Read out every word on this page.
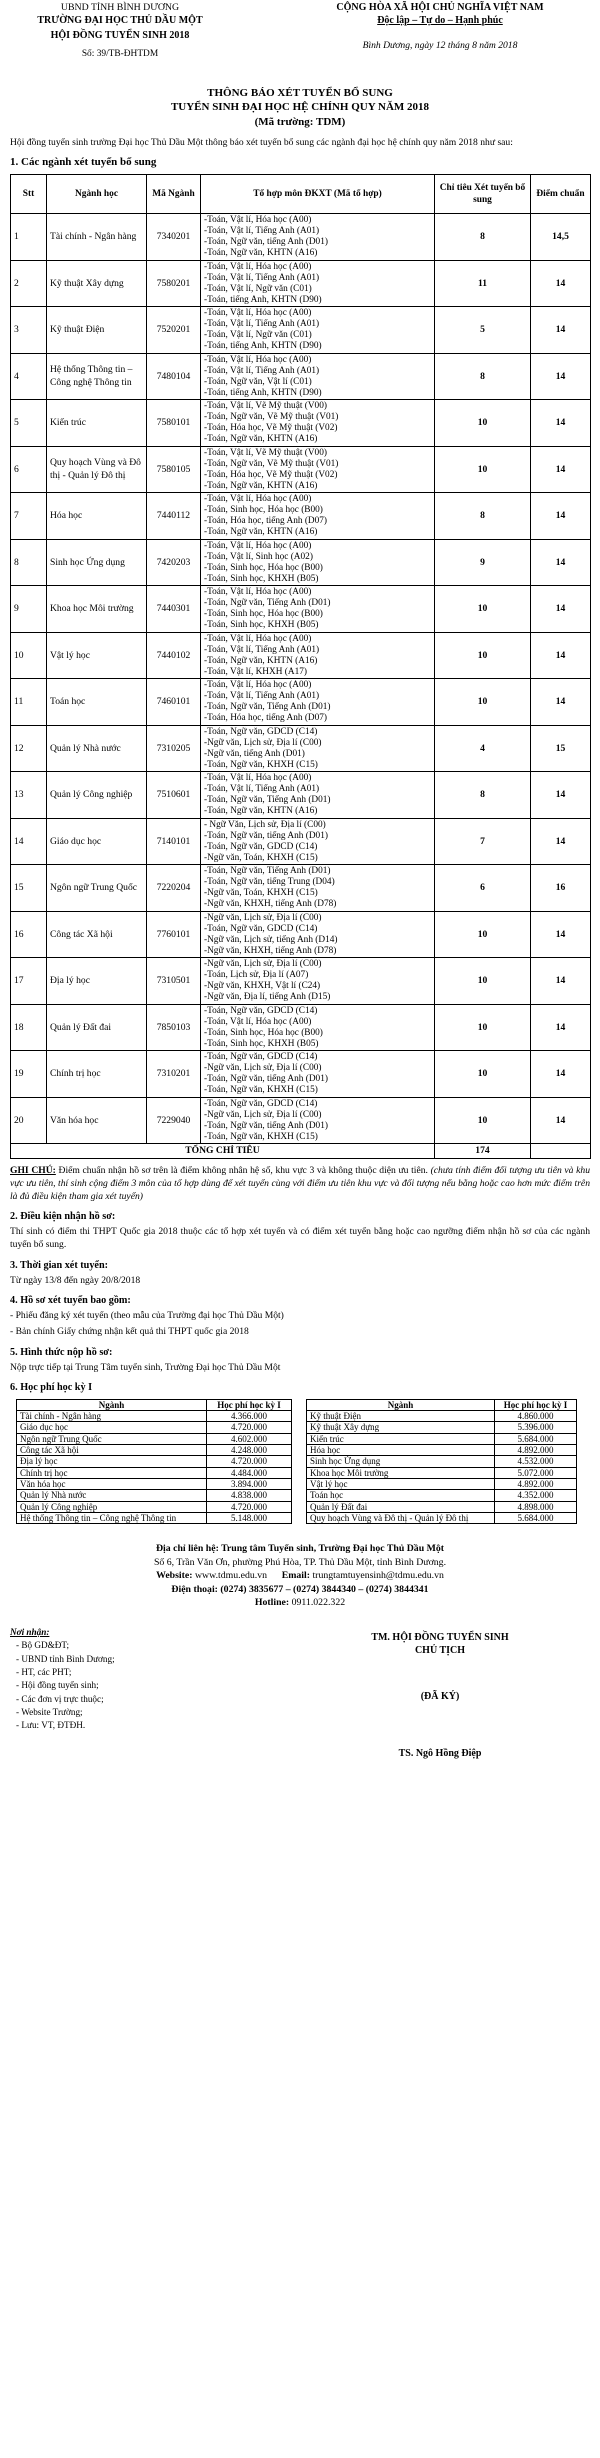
UBND TỈNH BÌNH DƯƠNG
TRƯỜNG ĐẠI HỌC THỦ DẦU MỘT
HỘI ĐỒNG TUYỂN SINH 2018
Số: 39/TB-ĐHTDM
CỘNG HÒA XÃ HỘI CHỦ NGHĨA VIỆT NAM
Độc lập – Tự do – Hạnh phúc
Bình Dương, ngày 12 tháng 8 năm 2018
THÔNG BÁO XÉT TUYỂN BỔ SUNG
TUYỂN SINH ĐẠI HỌC HỆ CHÍNH QUY NĂM 2018
(Mã trường: TDM)
Hội đồng tuyển sinh trường Đại học Thủ Dầu Một thông báo xét tuyển bổ sung các ngành đại học hệ chính quy năm 2018 như sau:
1. Các ngành xét tuyển bổ sung
Stt	Ngành học	Mã Ngành	Tổ hợp môn ĐKXT (Mã tổ hợp)	Chỉ tiêu Xét tuyển bổ sung	Điểm chuẩn
1	Tài chính - Ngân hàng	7340201	-Toán, Vật lí, Hóa học (A00)
-Toán, Vật lí, Tiếng Anh (A01)
-Toán, Ngữ văn, tiếng Anh (D01)
-Toán, Ngữ văn, KHTN (A16)	8	14,5
2	Kỹ thuật Xây dựng	7580201	-Toán, Vật lí, Hóa học (A00)
-Toán, Vật lí, Tiếng Anh (A01)
-Toán, Vật lí, Ngữ văn (C01)
-Toán, tiếng Anh, KHTN (D90)	11	14
3	Kỹ thuật Điện	7520201	-Toán, Vật lí, Hóa học (A00)
-Toán, Vật lí, Tiếng Anh (A01)
-Toán, Vật lí, Ngữ văn (C01)
-Toán, tiếng Anh, KHTN (D90)	5	14
4	Hệ thống Thông tin – Công nghệ Thông tin	7480104	-Toán, Vật lí, Hóa học (A00)
-Toán, Vật lí, Tiếng Anh (A01)
-Toán, Ngữ văn, Vật lí (C01)
-Toán, tiếng Anh, KHTN (D90)	8	14
5	Kiến trúc	7580101	-Toán, Vật lí, Vẽ Mỹ thuật (V00)
-Toán, Ngữ văn, Vẽ Mỹ thuật (V01)
-Toán, Hóa học, Vẽ Mỹ thuật (V02)
-Toán, Ngữ văn, KHTN (A16)	10	14
6	Quy hoạch Vùng và Đô thị - Quản lý Đô thị	7580105	-Toán, Vật lí, Vẽ Mỹ thuật (V00)
-Toán, Ngữ văn, Vẽ Mỹ thuật (V01)
-Toán, Hóa học, Vẽ Mỹ thuật (V02)
-Toán, Ngữ văn, KHTN (A16)	10	14
7	Hóa học	7440112	-Toán, Vật lí, Hóa học (A00)
-Toán, Sinh học, Hóa học (B00)
-Toán, Hóa học, tiếng Anh (D07)
-Toán, Ngữ văn, KHTN (A16)	8	14
8	Sinh học Ứng dụng	7420203	-Toán, Vật lí, Hóa học (A00)
-Toán, Vật lí, Sinh học (A02)
-Toán, Sinh học, Hóa học (B00)
-Toán, Sinh học, KHXH (B05)	9	14
9	Khoa học Môi trường	7440301	-Toán, Vật lí, Hóa học (A00)
-Toán, Ngữ văn, Tiếng Anh (D01)
-Toán, Sinh học, Hóa học (B00)
-Toán, Sinh học, KHXH (B05)	10	14
10	Vật lý học	7440102	-Toán, Vật lí, Hóa học (A00)
-Toán, Vật lí, Tiếng Anh (A01)
-Toán, Ngữ văn, KHTN (A16)
-Toán, Vật lí, KHXH (A17)	10	14
11	Toán học	7460101	-Toán, Vật lí, Hóa học (A00)
-Toán, Vật lí, Tiếng Anh (A01)
-Toán, Ngữ văn, Tiếng Anh (D01)
-Toán, Hóa học, tiếng Anh (D07)	10	14
12	Quản lý Nhà nước	7310205	-Toán, Ngữ văn, GDCD (C14)
-Ngữ văn, Lịch sử, Địa lí (C00)
-Ngữ văn, tiếng Anh (D01)
-Toán, Ngữ văn, KHXH (C15)	4	15
13	Quản lý Công nghiệp	7510601	-Toán, Vật lí, Hóa học (A00)
-Toán, Vật lí, Tiếng Anh (A01)
-Toán, Ngữ văn, Tiếng Anh (D01)
-Toán, Ngữ văn, KHTN (A16)	8	14
14	Giáo dục học	7140101	- Ngữ Văn, Lịch sử, Địa lí (C00)
-Toán, Ngữ văn, tiếng Anh (D01)
-Toán, Ngữ văn, GDCD (C14)
-Ngữ văn, Toán, KHXH (C15)	7	14
15	Ngôn ngữ Trung Quốc	7220204	-Toán, Ngữ văn, Tiếng Anh (D01)
-Toán, Ngữ văn, tiếng Trung (D04)
-Ngữ văn, Toán, KHXH (C15)
-Ngữ văn, KHXH, tiếng Anh (D78)	6	16
16	Công tác Xã hội	7760101	-Ngữ văn, Lịch sử, Địa lí (C00)
-Toán, Ngữ văn, GDCD (C14)
-Ngữ văn, Lịch sử, tiếng Anh (D14)
-Ngữ văn, KHXH, tiếng Anh (D78)	10	14
17	Địa lý học	7310501	-Ngữ văn, Lịch sử, Địa lí (C00)
-Toán, Lịch sử, Địa lí (A07)
-Ngữ văn, KHXH, Vật lí (C24)
-Ngữ văn, Địa lí, tiếng Anh (D15)	10	14
18	Quản lý Đất đai	7850103	-Toán, Ngữ văn, GDCD (C14)
-Toán, Vật lí, Hóa học (A00)
-Toán, Sinh học, Hóa học (B00)
-Toán, Sinh học, KHXH (B05)	10	14
19	Chính trị học	7310201	-Toán, Ngữ văn, GDCD (C14)
-Ngữ văn, Lịch sử, Địa lí (C00)
-Toán, Ngữ văn, tiếng Anh (D01)
-Toán, Ngữ văn, KHXH (C15)	10	14
20	Văn hóa học	7229040	-Toán, Ngữ văn, GDCD (C14)
-Ngữ văn, Lịch sử, Địa lí (C00)
-Toán, Ngữ văn, tiếng Anh (D01)
-Toán, Ngữ văn, KHXH (C15)	10	14
TỔNG CHỈ TIÊU				174	
GHI CHÚ: Điểm chuẩn nhận hồ sơ trên là điểm không nhân hệ số, khu vực 3 và không thuộc diện ưu tiên. (chưa tính điểm đối tượng ưu tiên và khu vực ưu tiên, thí sinh cộng điểm 3 môn của tổ hợp dùng để xét tuyển cùng với điểm ưu tiên khu vực và đối tượng nếu bằng hoặc cao hơn mức điểm trên là đủ điều kiện tham gia xét tuyển)
2. Điều kiện nhận hồ sơ:
Thí sinh có điểm thi THPT Quốc gia 2018 thuộc các tổ hợp xét tuyển và có điểm xét tuyển bằng hoặc cao ngưỡng điểm nhận hồ sơ của các ngành tuyển bổ sung.
3. Thời gian xét tuyển:
Từ ngày 13/8 đến ngày 20/8/2018
4. Hồ sơ xét tuyển bao gồm:
- Phiếu đăng ký xét tuyển (theo mẫu của Trường đại học Thủ Dầu Một)
- Bản chính Giấy chứng nhận kết quả thi THPT quốc gia 2018
5. Hình thức nộp hồ sơ:
Nộp trực tiếp tại Trung Tâm tuyển sinh, Trường Đại học Thủ Dầu Một
6. Học phí học kỳ I
Ngành	Học phí học kỳ I
Tài chính - Ngân hàng	4.366.000
Giáo dục học	4.720.000
Ngôn ngữ Trung Quốc	4.602.000
Công tác Xã hội	4.248.000
Địa lý học	4.720.000
Chính trị học	4.484.000
Văn hóa học	3.894.000
Quản lý Nhà nước	4.838.000
Quản lý Công nghiệp	4.720.000
Hệ thống Thông tin – Công nghệ Thông tin	5.148.000
Ngành	Học phí học kỳ I
Kỹ thuật Điện	4.860.000
Kỹ thuật Xây dựng	5.396.000
Kiến trúc	5.684.000
Hóa học	4.892.000
Sinh học Ứng dụng	4.532.000
Khoa học Môi trường	5.072.000
Vật lý học	4.892.000
Toán học	4.352.000
Quản lý Đất đai	4.898.000
Quy hoạch Vùng và Đô thị - Quản lý Đô thị	5.684.000
Địa chỉ liên hệ: Trung tâm Tuyển sinh, Trường Đại học Thủ Dầu Một
Số 6, Trần Văn Ơn, phường Phú Hòa, TP. Thủ Dầu Một, tỉnh Bình Dương.
Website: www.tdmu.edu.vn Email: trungtamtuyensinh@tdmu.edu.vn
Điện thoại: (0274) 3835677 – (0274) 3844340 – (0274) 3844341
Hotline: 0911.022.322
Nơi nhận:
- Bộ GD&ĐT;
- UBND tỉnh Bình Dương;
- HT, các PHT;
- Hội đồng tuyển sinh;
- Các đơn vị trực thuộc;
- Website Trường;
- Lưu: VT, ĐTĐH.
TM. HỘI ĐỒNG TUYỂN SINH
CHỦ TỊCH
(ĐÃ KÝ)
TS. Ngô Hồng Điệp
